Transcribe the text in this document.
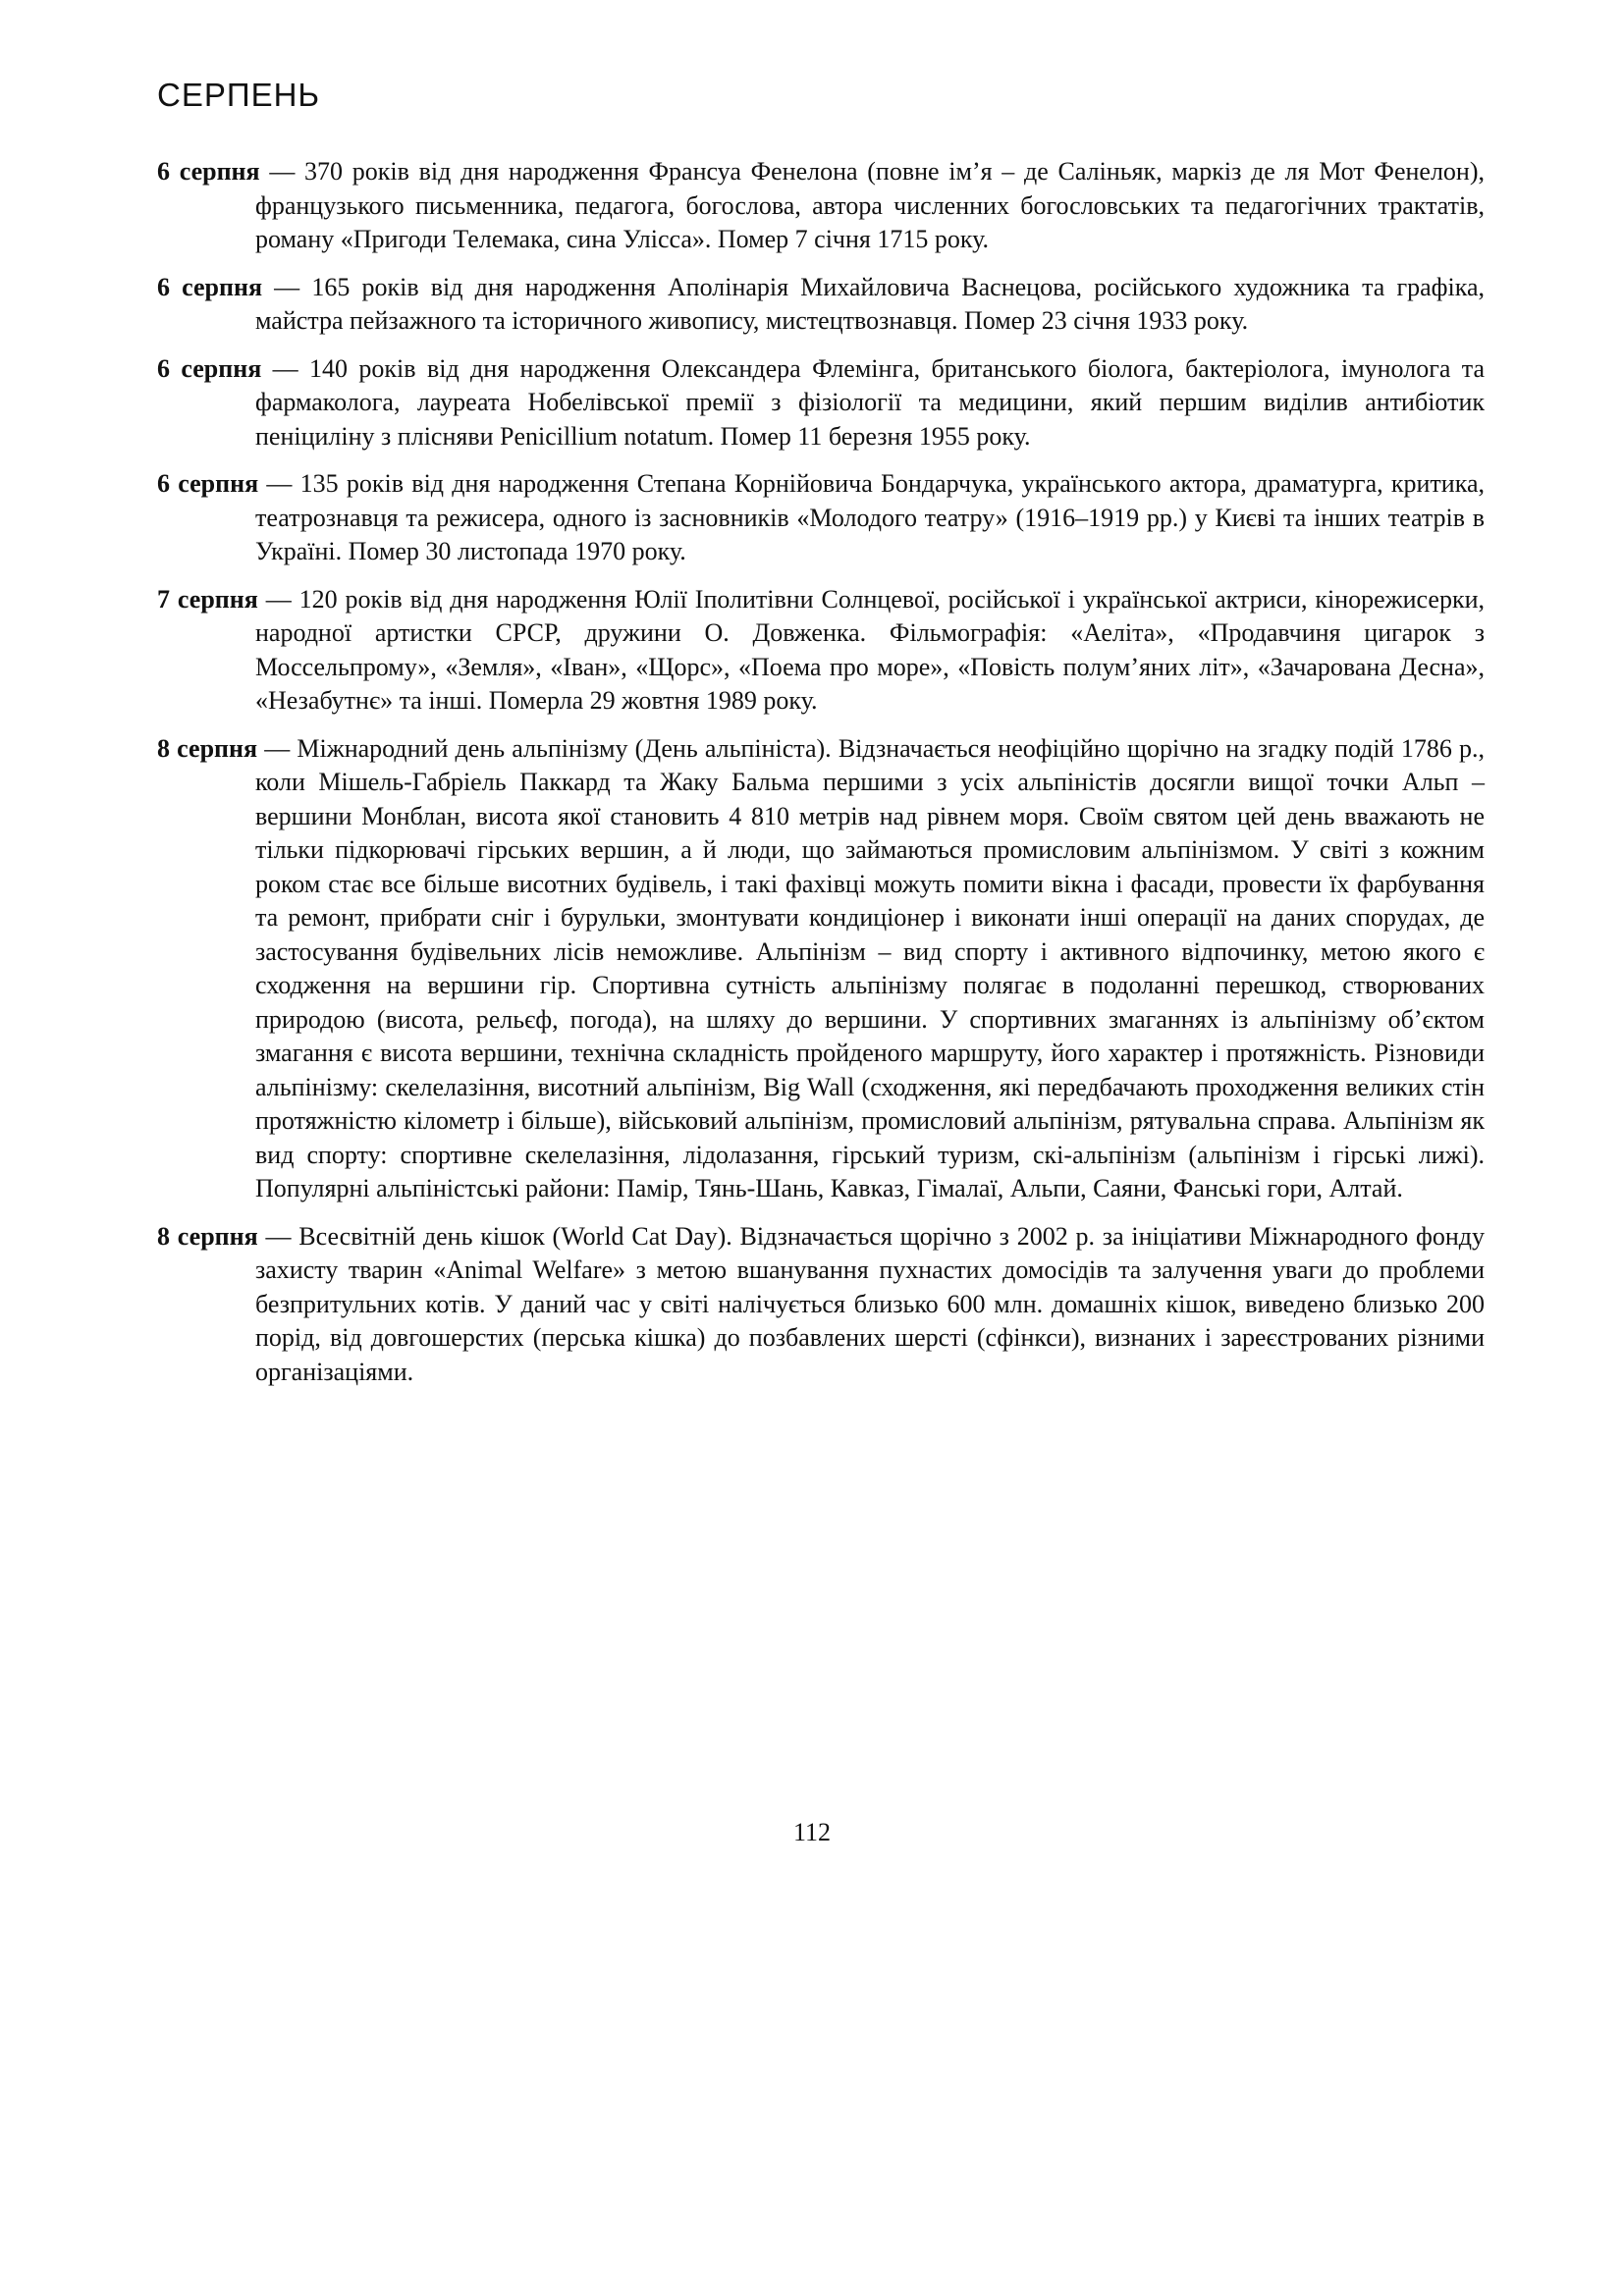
СЕРПЕНЬ

6 серпня — 370 років від дня народження Франсуа Фенелона (повне ім’я – де Саліньяк, маркіз де ля Мот Фенелон), французького письменника, педагога, богослова, автора численних богословських та педагогічних трактатів, роману «Пригоди Телемака, сина Улісса». Помер 7 січня 1715 року.

6 серпня — 165 років від дня народження Аполінарія Михайловича Васнецова, російського художника та графіка, майстра пейзажного та історичного живопису, мистецтвознавця. Помер 23 січня 1933 року.

6 серпня — 140 років від дня народження Олександера Флемінга, британського біолога, бактеріолога, імунолога та фармаколога, лауреата Нобелівської премії з фізіології та медицини, який першим виділив антибіотик пеніциліну з плісняви Penicillium notatum. Помер 11 березня 1955 року.

6 серпня — 135 років від дня народження Степана Корнійовича Бондарчука, українського актора, драматурга, критика, театрознавця та режисера, одного із засновників «Молодого театру» (1916–1919 рр.) у Києві та інших театрів в Україні. Помер 30 листопада 1970 року.

7 серпня — 120 років від дня народження Юлії Іполитівни Солнцевої, російської і української актриси, кінорежисерки, народної артистки СРСР, дружини О. Довженка. Фільмографія: «Аеліта», «Продавчиня цигарок з Моссельпрому», «Земля», «Іван», «Щорс», «Поема про море», «Повість полум’яних літ», «Зачарована Десна», «Незабутнє» та інші. Померла 29 жовтня 1989 року.

8 серпня — Міжнародний день альпінізму (День альпініста). Відзначається неофіційно щорічно на згадку подій 1786 р., коли Мішель-Габріель Паккард та Жаку Бальма першими з усіх альпіністів досягли вищої точки Альп – вершини Монблан, висота якої становить 4 810 метрів над рівнем моря. Своїм святом цей день вважають не тільки підкорювачі гірських вершин, а й люди, що займаються промисловим альпінізмом. У світі з кожним роком стає все більше висотних будівель, і такі фахівці можуть помити вікна і фасади, провести їх фарбування та ремонт, прибрати сніг і бурульки, змонтувати кондиціонер і виконати інші операції на даних спорудах, де застосування будівельних лісів неможливе. Альпінізм – вид спорту і активного відпочинку, метою якого є сходження на вершини гір. Спортивна сутність альпінізму полягає в подоланні перешкод, створюваних природою (висота, рельєф, погода), на шляху до вершини. У спортивних змаганнях із альпінізму об’єктом змагання є висота вершини, технічна складність пройденого маршруту, його характер і протяжність. Різновиди альпінізму: скелелазіння, висотний альпінізм, Big Wall (сходження, які передбачають проходження великих стін протяжністю кілометр і більше), військовий альпінізм, промисловий альпінізм, рятувальна справа. Альпінізм як вид спорту: спортивне скелелазіння, лідолазання, гірський туризм, скі-альпінізм (альпінізм і гірські лижі). Популярні альпіністські райони: Памір, Тянь-Шань, Кавказ, Гімалаї, Альпи, Саяни, Фанські гори, Алтай.

8 серпня — Всесвітній день кішок (World Cat Day). Відзначається щорічно з 2002 р. за ініціативи Міжнародного фонду захисту тварин «Animal Welfare» з метою вшанування пухнастих домосідів та залучення уваги до проблеми безпритульних котів. У даний час у світі налічується близько 600 млн. домашніх кішок, виведено близько 200 порід, від довгошерстих (перська кішка) до позбавлених шерсті (сфінкси), визнаних і зареєстрованих різними організаціями.

112
